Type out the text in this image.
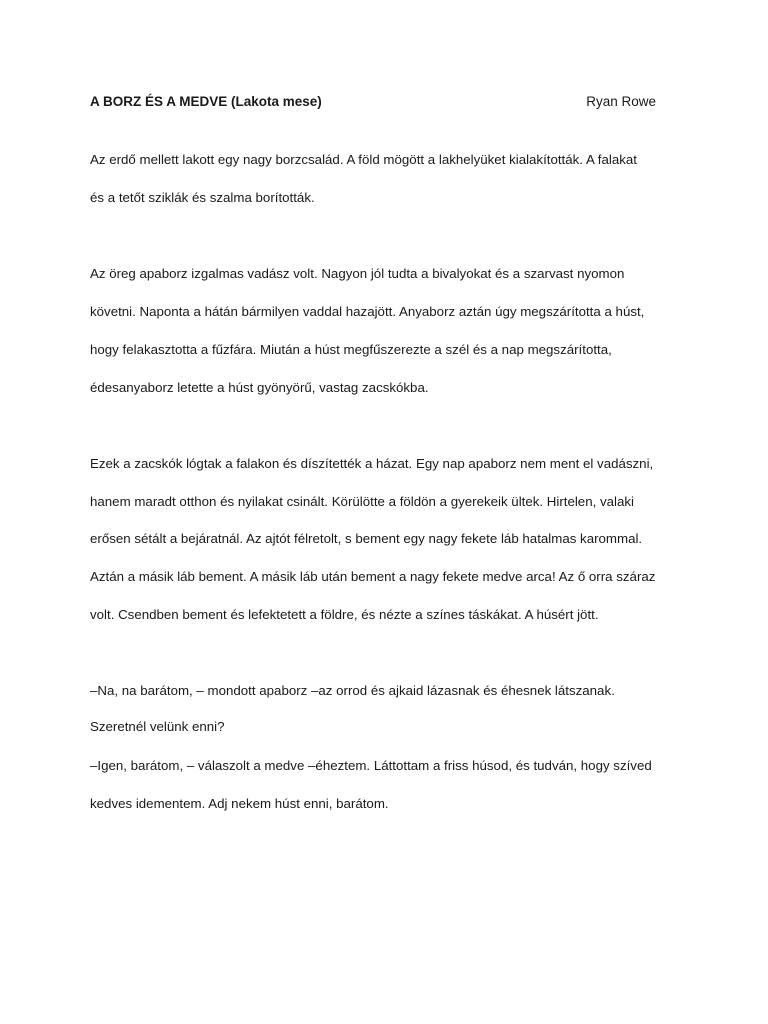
A BORZ ÉS A MEDVE (Lakota mese)	Ryan Rowe
Az erdő mellett lakott egy nagy borzcsalád. A föld mögött a lakhelyüket kialakították. A falakat
és a tetőt sziklák és szalma borították.
Az öreg apaborz izgalmas vadász volt. Nagyon jól tudta a bivalyokat és a szarvast nyomon
követni. Naponta a hátán bármilyen vaddal hazajött. Anyaborz aztán úgy megszárította a húst,
hogy felakasztotta a fűzfára. Miután a húst megfűszerezte a szél és a nap megszárította,
édesanyaborz letette a húst gyönyörű, vastag zacskókba.
Ezek a zacskók lógtak a falakon és díszítették a házat. Egy nap apaborz nem ment el vadászni,
hanem maradt otthon és nyilakat csinált. Körülötte a földön a gyerekeik ültek. Hirtelen, valaki
erősen sétált a bejáratnál. Az ajtót félretolt, s bement egy nagy fekete láb hatalmas karommal.
Aztán a másik láb bement. A másik láb után bement a nagy fekete medve arca! Az ő orra száraz
volt. Csendben bement és lefektetett a földre, és nézte a színes táskákat. A húsért jött.
–Na, na barátom, – mondott apaborz –az orrod és ajkaid lázasnak és éhesnek látszanak.
Szeretnél velünk enni?
–Igen, barátom, – válaszolt a medve –éheztem. Láttottam a friss húsod, és tudván, hogy szíved
kedves idementem. Adj nekem húst enni, barátom.
